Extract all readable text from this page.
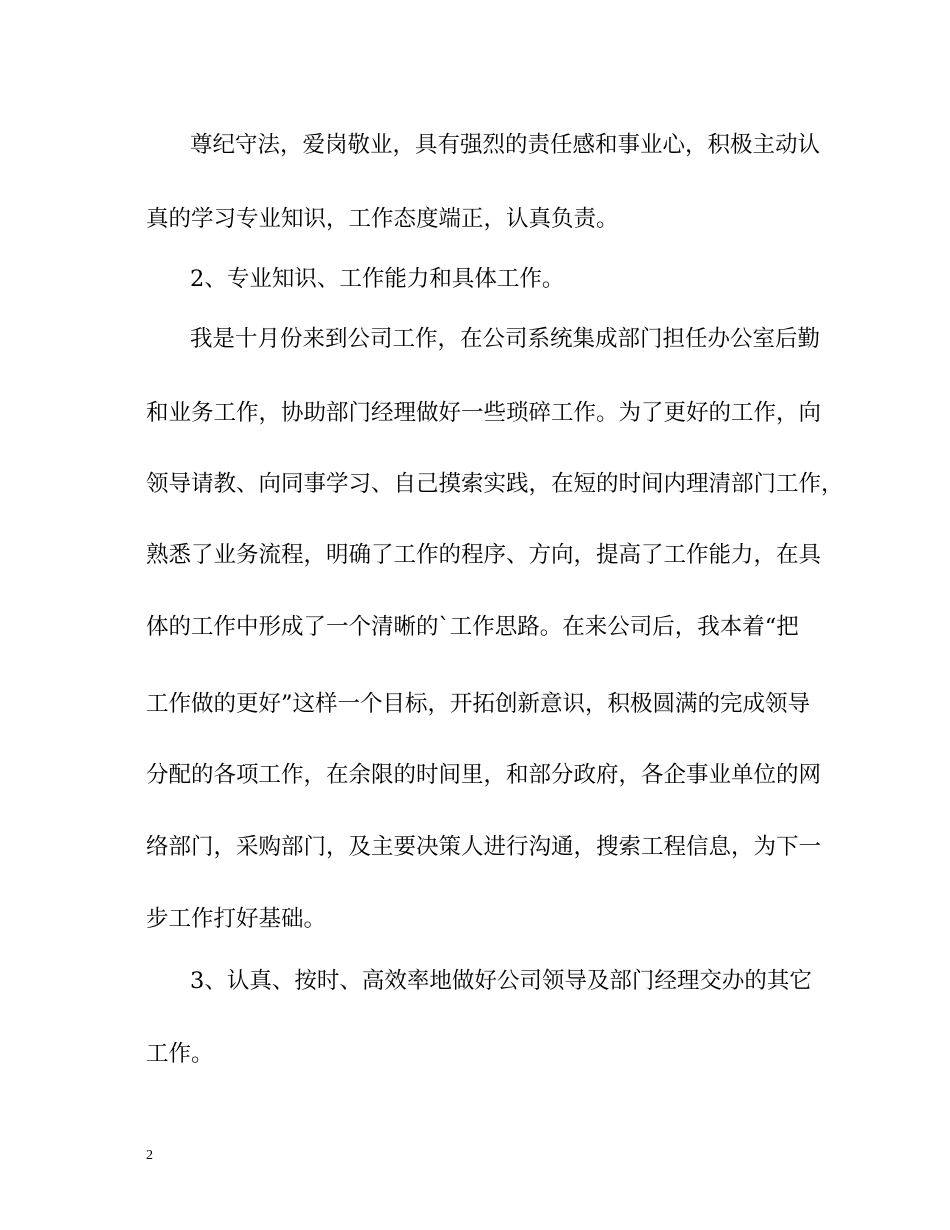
尊纪守法，爱岗敬业，具有强烈的责任感和事业心，积极主动认
真的学习专业知识，工作态度端正，认真负责。
2、专业知识、工作能力和具体工作。
我是十月份来到公司工作，在公司系统集成部门担任办公室后勤
和业务工作，协助部门经理做好一些琐碎工作。为了更好的工作，向
领导请教、向同事学习、自己摸索实践，在短的时间内理清部门工作，
熟悉了业务流程，明确了工作的程序、方向，提高了工作能力，在具
体的工作中形成了一个清晰的`工作思路。在来公司后，我本着“把
工作做的更好”这样一个目标，开拓创新意识，积极圆满的完成领导
分配的各项工作，在余限的时间里，和部分政府，各企事业单位的网
络部门，采购部门，及主要决策人进行沟通，搜索工程信息，为下一
步工作打好基础。
3、认真、按时、高效率地做好公司领导及部门经理交办的其它
工作。
2
